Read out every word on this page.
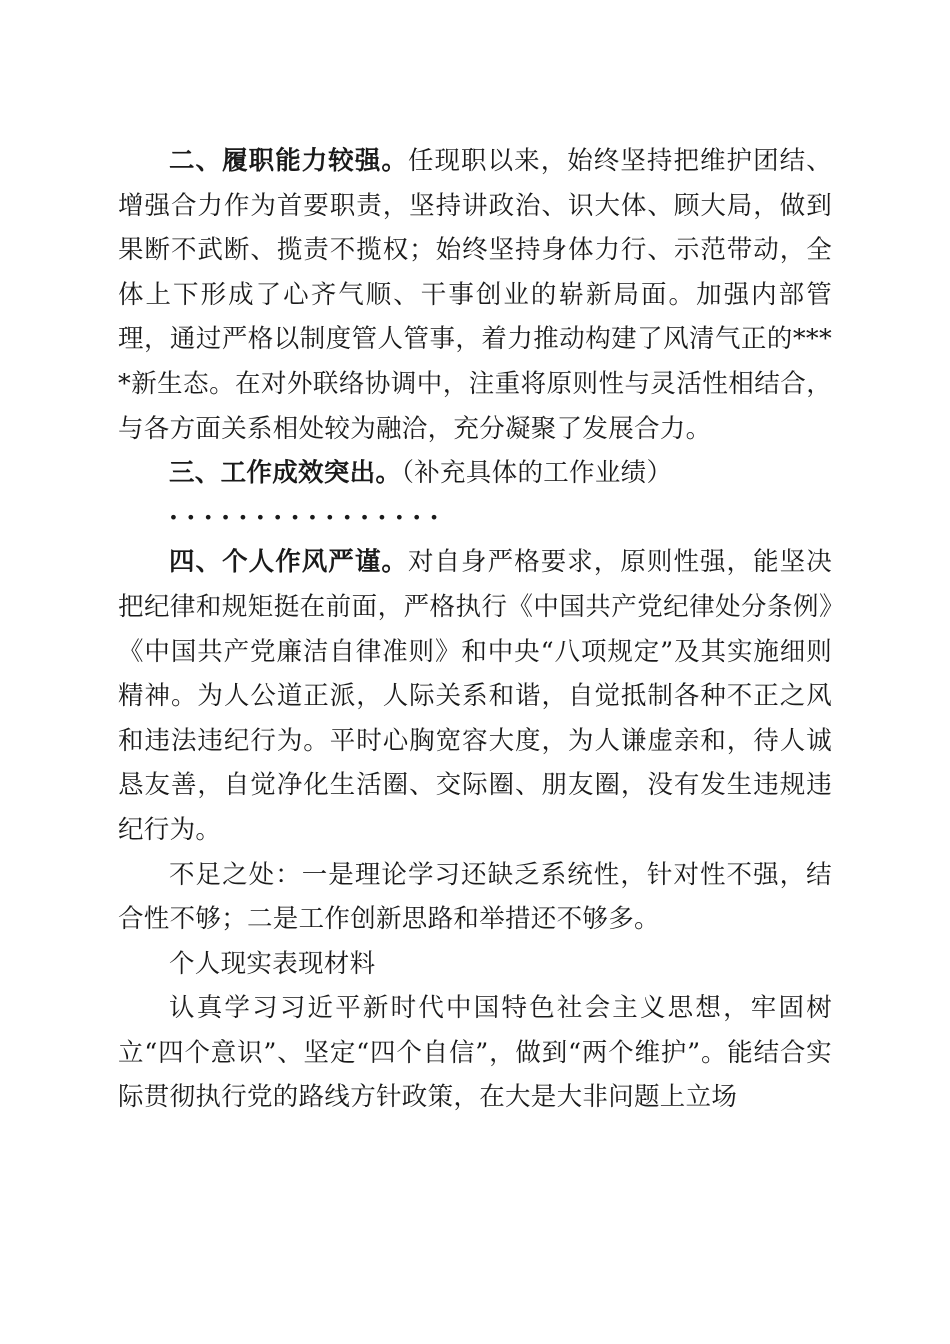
二、履职能力较强。任现职以来，始终坚持把维护团结、增强合力作为首要职责，坚持讲政治、识大体、顾大局，做到果断不武断、揽责不揽权；始终坚持身体力行、示范带动，全体上下形成了心齐气顺、干事创业的崭新局面。加强内部管理，通过严格以制度管人管事，着力推动构建了风清气正的****新生态。在对外联络协调中，注重将原则性与灵活性相结合，与各方面关系相处较为融洽，充分凝聚了发展合力。

三、工作成效突出。（补充具体的工作业绩）

················

四、个人作风严谨。对自身严格要求，原则性强，能坚决把纪律和规矩挺在前面，严格执行《中国共产党纪律处分条例》《中国共产党廉洁自律准则》和中央“八项规定”及其实施细则精神。为人公道正派，人际关系和谐，自觉抵制各种不正之风和违法违纪行为。平时心胸宽容大度，为人谦虚亲和，待人诚恳友善，自觉净化生活圈、交际圈、朋友圈，没有发生违规违纪行为。

不足之处：一是理论学习还缺乏系统性，针对性不强，结合性不够；二是工作创新思路和举措还不够多。

个人现实表现材料

认真学习习近平新时代中国特色社会主义思想，牢固树立“四个意识”、坚定“四个自信”，做到“两个维护”。能结合实际贯彻执行党的路线方针政策，在大是大非问题上立场
